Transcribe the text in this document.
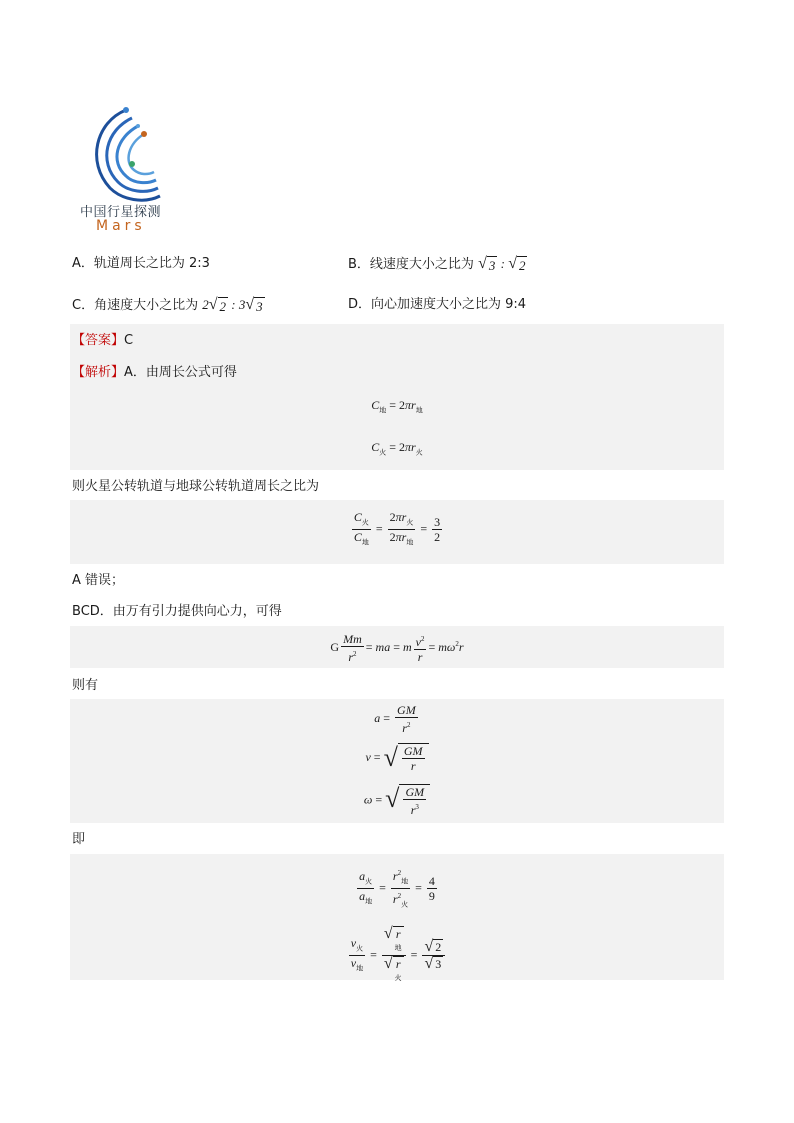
中国行星探测
Mars
A．轨道周长之比为 2:3	B．线速度大小之比为 √ 3 : √ 2
C．角速度大小之比为 2 √ 2 : 3 √ 3	D．向心加速度大小之比为 9:4
【答案】C
【解析】A．由周长公式可得
$C_地 = 2\pi r_地$
$C_火 = 2\pi r_火$
则火星公转轨道与地球公转轨道周长之比为
$\frac{C_火}{C_地} = \frac{2\pi r_火}{2\pi r_地} = \frac{3}{2}$
A 错误；
BCD．由万有引力提供向心力，可得
G $\frac{Mm}{r^2}$ = ma = m $\frac{v^2}{r} = m\omega^2r$
则有
$a = \frac{GM}{r^2}$
v = √ $\frac{GM}{r}$
ω = √ $\frac{GM}{r^3}$
即
$\frac{a_火}{a_地} = \frac{r^2_地}{r^2_火} = \frac{4}{9}$
$\frac{v_火}{v_地}$ = √ r
地
√ r
火 = $\frac{√ 2}{√ 3}$
